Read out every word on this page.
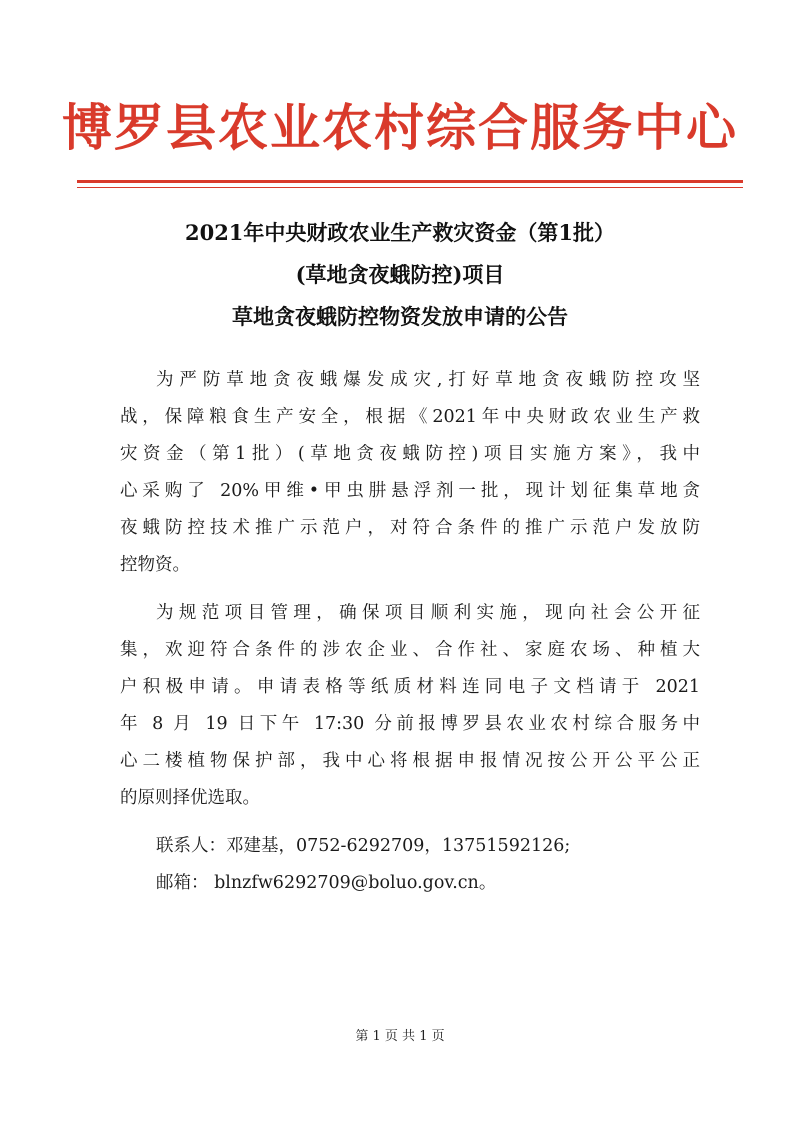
博罗县农业农村综合服务中心
2021年中央财政农业生产救灾资金（第1批）
(草地贪夜蛾防控)项目
草地贪夜蛾防控物资发放申请的公告
为严防草地贪夜蛾爆发成灾,打好草地贪夜蛾防控攻坚
战，保障粮食生产安全，根据《2021年中央财政农业生产救
灾资金（第1批）(草地贪夜蛾防控)项目实施方案》，我中
心采购了 20%甲维•甲虫肼悬浮剂一批，现计划征集草地贪
夜蛾防控技术推广示范户，对符合条件的推广示范户发放防
控物资。
为规范项目管理，确保项目顺利实施，现向社会公开征
集，欢迎符合条件的涉农企业、合作社、家庭农场、种植大
户积极申请。申请表格等纸质材料连同电子文档请于 2021
年 8 月 19 日下午 17:30 分前报博罗县农业农村综合服务中
心二楼植物保护部，我中心将根据申报情况按公开公平公正
的原则择优选取。
联系人：邓建基，0752-6292709，13751592126;
邮箱： blnzfw6292709@boluo.gov.cn。
第 1 页 共 1 页
